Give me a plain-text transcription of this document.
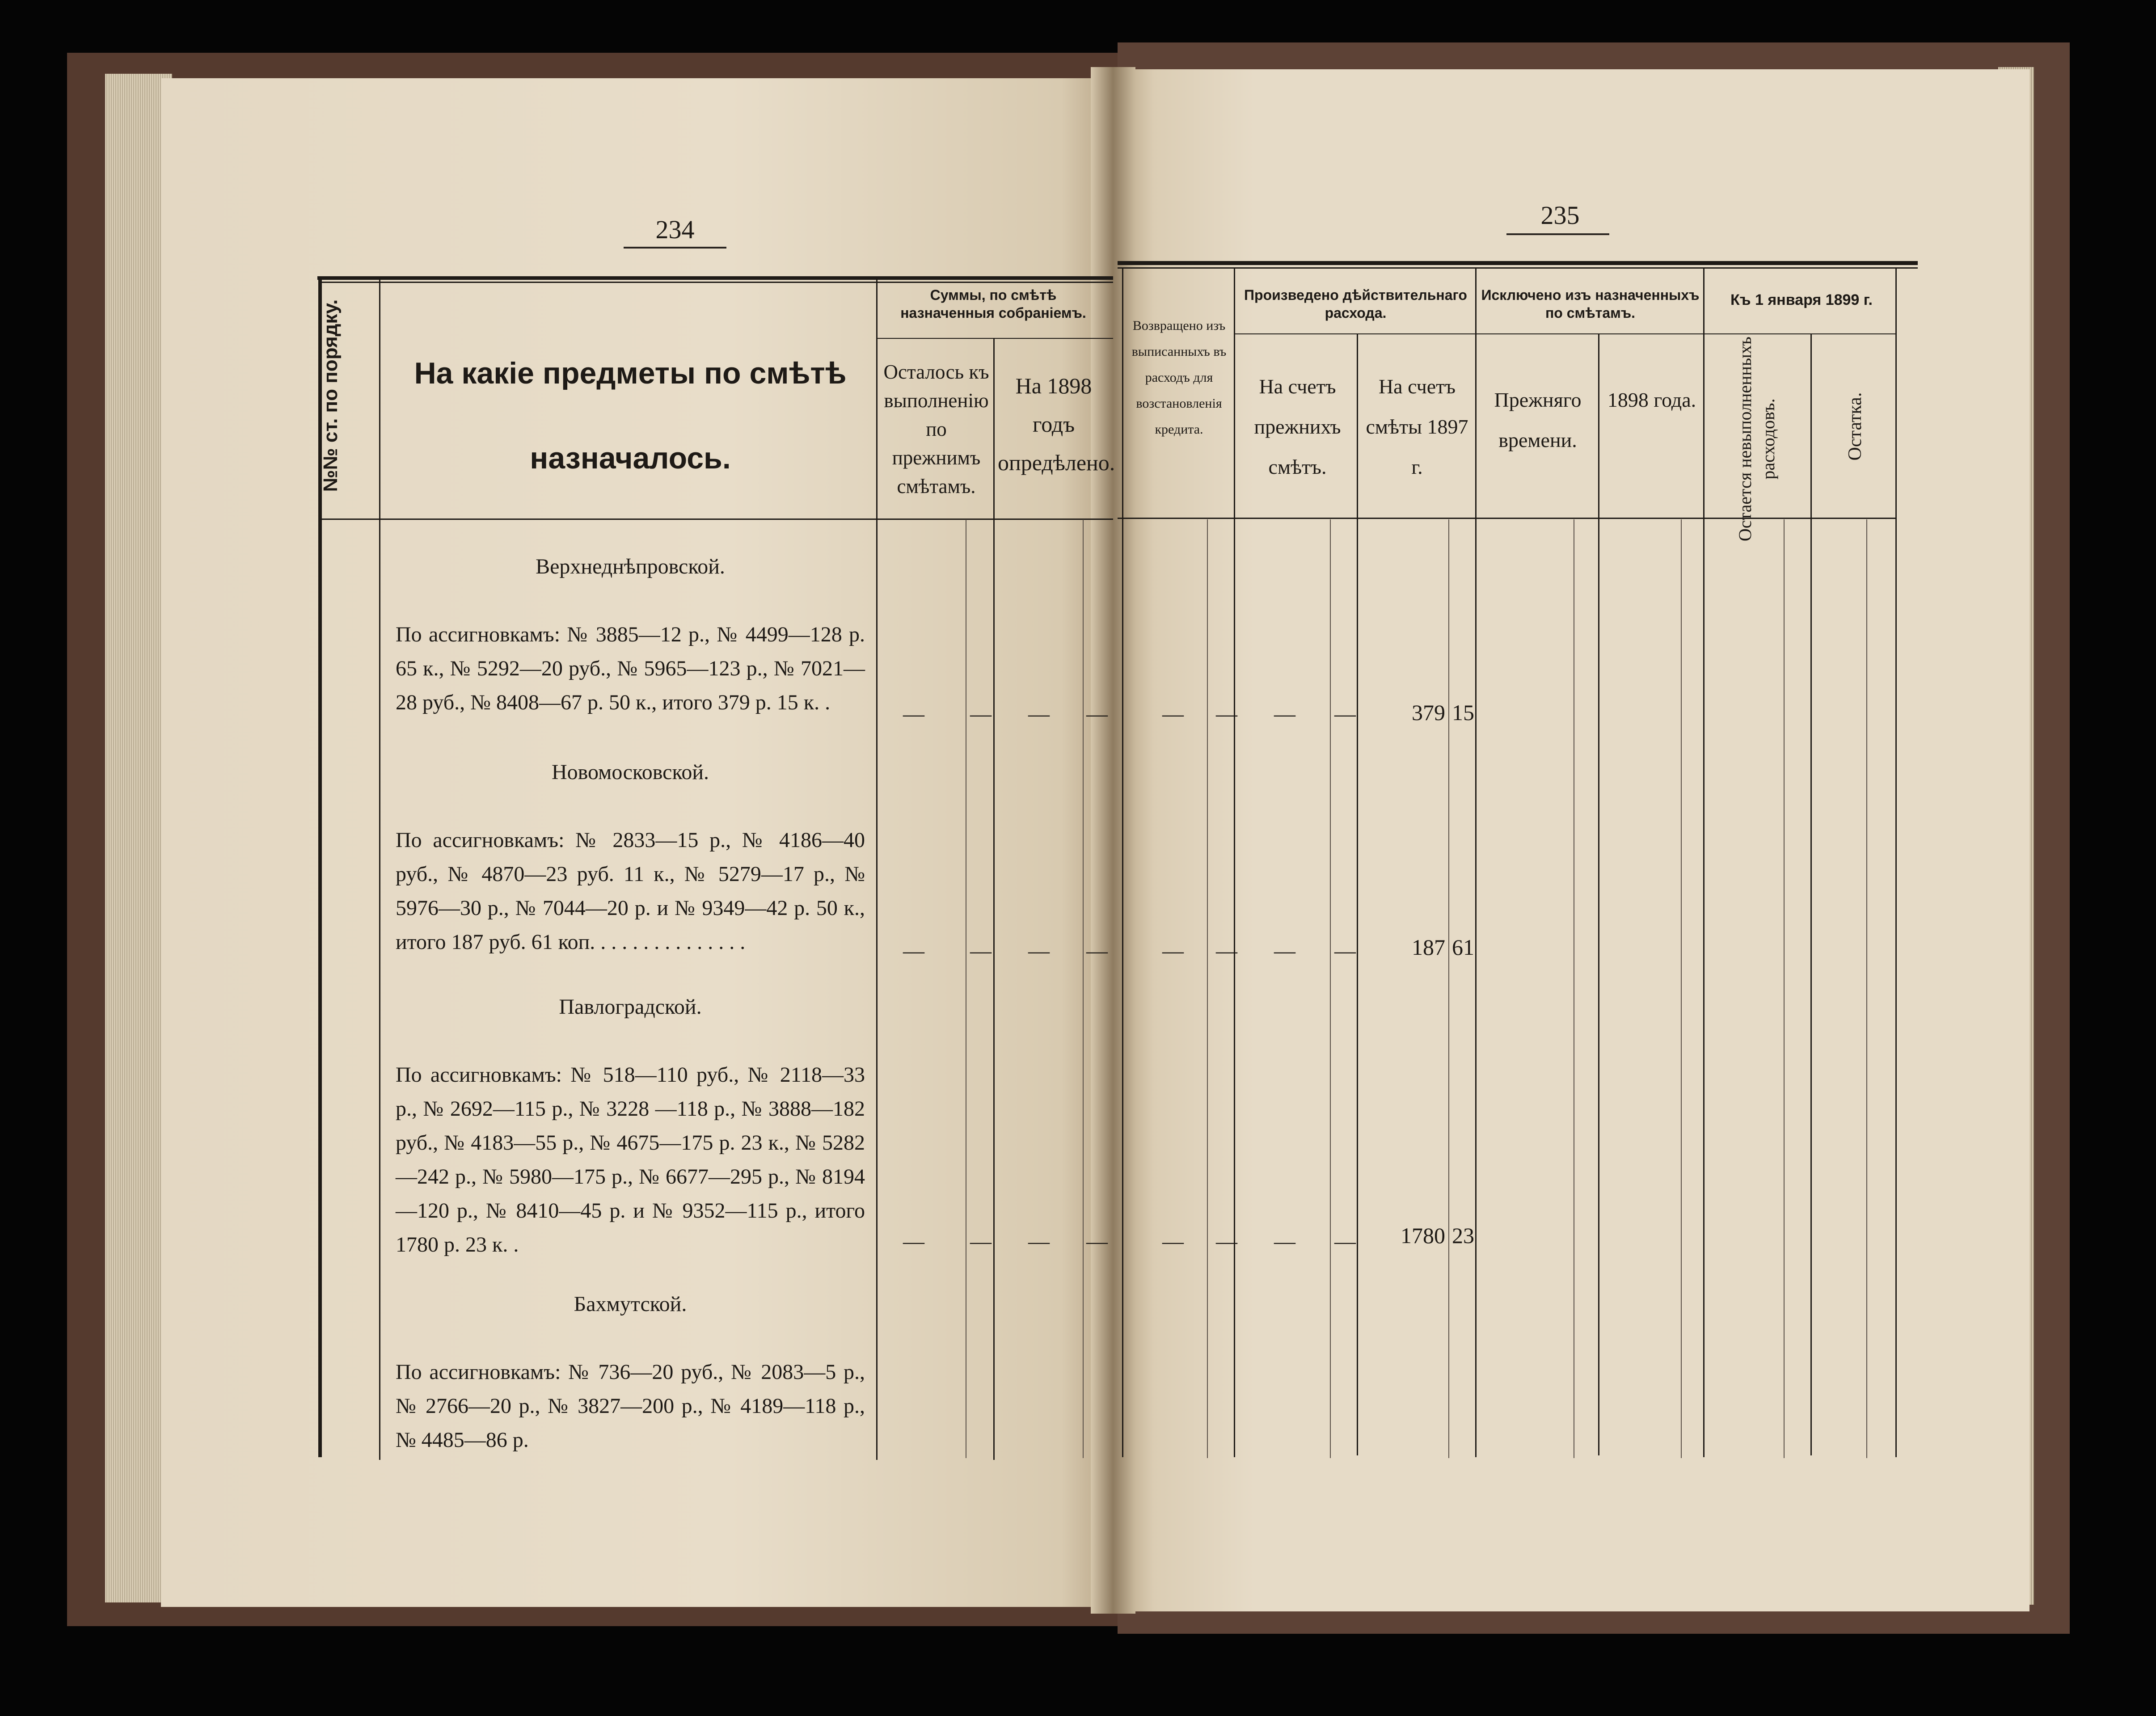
234
№№ ст. по порядку.	На какіе предметы по смѣтѣ назначалось.
Суммы, по смѣтѣ назначенныя собраніемъ.
Осталось къ выполненію по прежнимъ смѣтамъ.
На 1898 годъ опредѣлено.

Верхнеднѣпровской.

По ассигновкамъ: № 3885—12 р., № 4499—128 р. 65 к., № 5292—20 руб., № 5965—123 р., № 7021—28 руб., № 8408—67 р. 50 к., итого 379 р. 15 к. .

Новомосковской.

По ассигновкамъ: № 2833—15 р., № 4186—40 руб., № 4870—23 руб. 11 к., № 5279—17 р., № 5976—30 р., № 7044—20 р. и № 9349—42 р. 50 к., итого 187 руб. 61 коп. . . . . . . . . . . . . . .

Павлоградской.

По ассигновкамъ: № 518—110 руб., № 2118—33 р., № 2692—115 р., № 3228 —118 р., № 3888—182 руб., № 4183—55 р., № 4675—175 р. 23 к., № 5282—242 р., № 5980—175 р., № 6677—295 р., № 8194—120 р., № 8410—45 р. и № 9352—115 р., итого 1780 р. 23 к. .

Бахмутской.

По ассигновкамъ: № 736—20 руб., № 2083—5 р., № 2766—20 р., № 3827—200 р., № 4189—118 р., № 4485—86 р.

— — — —
— — — —
— — — —
235
⠀
Возвращено изъ выписанныхъ въ расходъ для возстановленія кредита.
Произведено дѣйствительнаго расхода.
На счетъ прежнихъ смѣтъ.
На счетъ смѣты 1897 г.
Исключено изъ назначенныхъ по смѣтамъ.
Прежняго времени.
1898 года.
Къ 1 января 1899 г.
Остается невыполненныхъ расходовъ.	Остатка.
— — — —
— — — —
— — — —
379 15
187 61
1780 23
